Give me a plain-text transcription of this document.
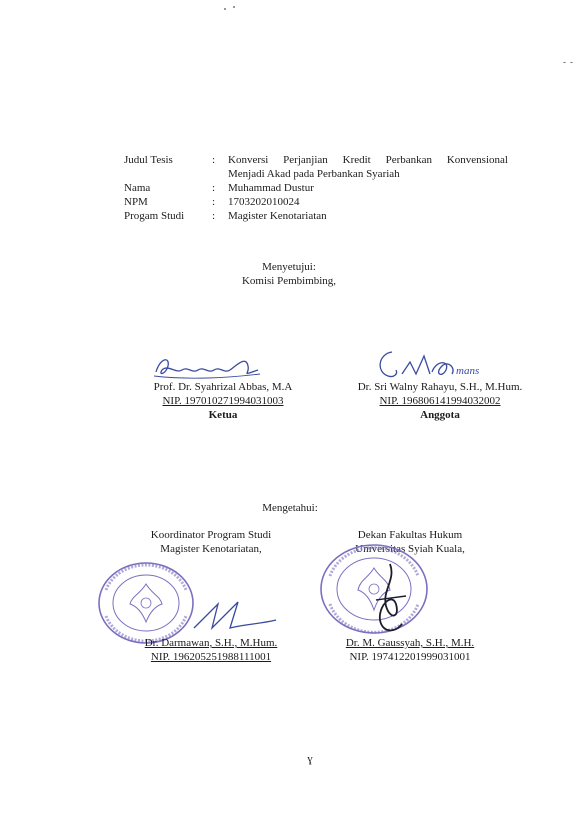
Judul Tesis	:	Konversi Perjanjian Kredit Perbankan Konvensional
Menjadi Akad pada Perbankan Syariah
Nama	:	Muhammad Dustur
NPM	:	1703202010024
Progam Studi	:	Magister Kenotariatan
Menyetujui:
Komisi Pembimbing,
Prof. Dr. Syahrizal Abbas, M.A
NIP. 197010271994031003
Ketua
mans
Dr. Sri Walny Rahayu, S.H., M.Hum.
NIP. 196806141994032002
Anggota
Mengetahui:
Koordinator Program Studi
Magister Kenotariatan,
Dr. Darmawan, S.H., M.Hum.
NIP. 196205251988111001
Dekan Fakultas Hukum
Universitas Syiah Kuala,
Dr. M. Gaussyah, S.H., M.H.
NIP. 197412201999031001
ɣ
